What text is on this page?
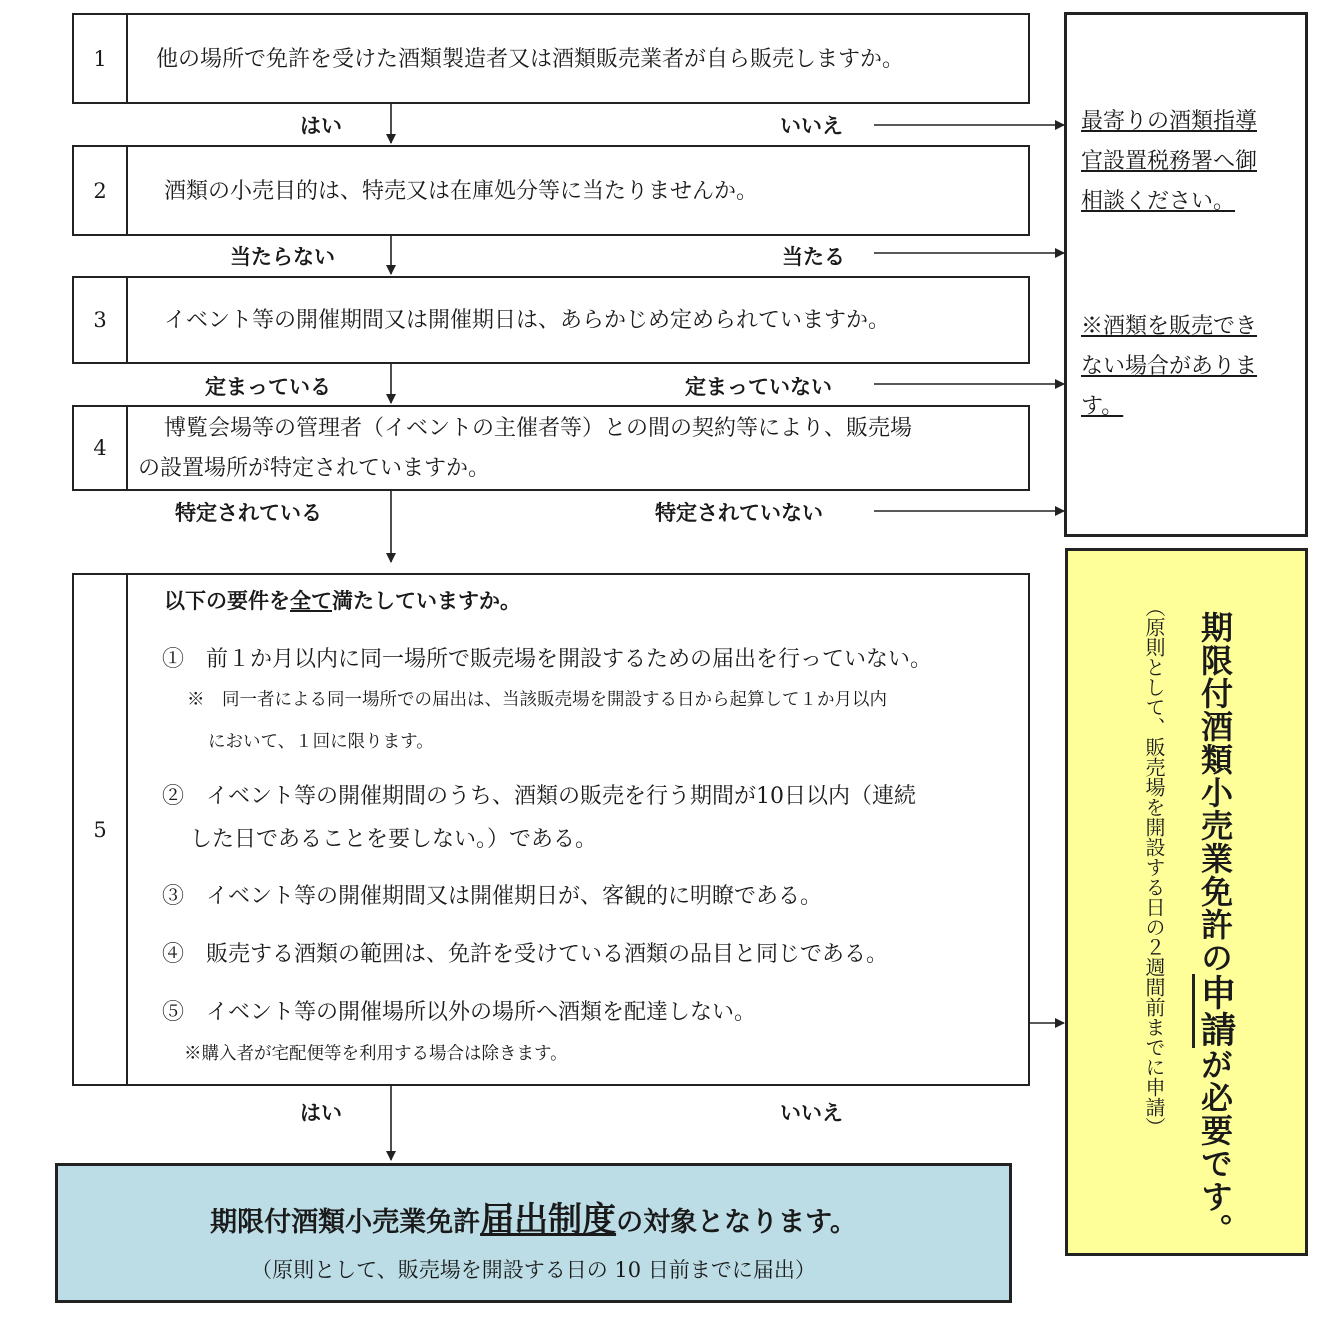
1	他の場所で免許を受けた酒類製造者又は酒類販売業者が自ら販売しますか。
2	酒類の小売目的は、特売又は在庫処分等に当たりませんか。
3	イベント等の開催期間又は開催期日は、あらかじめ定められていますか。
4
博覧会場等の管理者（イベントの主催者等）との間の契約等により、販売場
の設置場所が特定されていますか。
はい	いいえ
当たらない	当たる
定まっている	定まっていない
特定されている	特定されていない
はい	いいえ
5
以下の要件を全て満たしていますか。
①　前１か月以内に同一場所で販売場を開設するための届出を行っていない。
※　同一者による同一場所での届出は、当該販売場を開設する日から起算して１か月以内
において、１回に限ります。
②　イベント等の開催期間のうち、酒類の販売を行う期間が10日以内（連続
した日であることを要しない。）である。
③　イベント等の開催期間又は開催期日が、客観的に明瞭である。
④　販売する酒類の範囲は、免許を受けている酒類の品目と同じである。
⑤　イベント等の開催場所以外の場所へ酒類を配達しない。
※購入者が宅配便等を利用する場合は除きます。
最寄りの酒類指導
官設置税務署へ御
相談ください。
※酒類を販売でき
ない場合がありま
す。
期限付酒類小売業免許の申請が必要です。
（原則として、販売場を開設する日の２週間前までに申請）
期限付酒類小売業免許届出制度の対象となります。
（原則として、販売場を開設する日の 10 日前までに届出）
